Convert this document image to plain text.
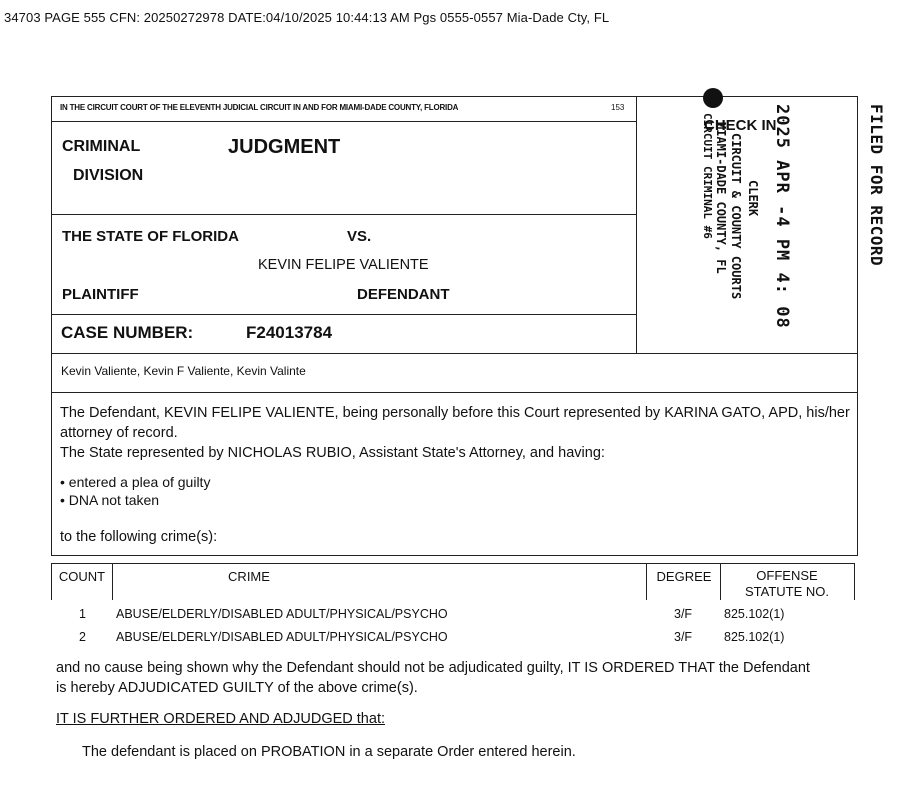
34703 PAGE 555 CFN: 20250272978 DATE:04/10/2025 10:44:13 AM Pgs 0555-0557 Mia-Dade Cty, FL
IN THE CIRCUIT COURT OF THE ELEVENTH JUDICIAL CIRCUIT IN AND FOR MIAMI-DADE COUNTY, FLORIDA	153
CRIMINAL
DIVISION
JUDGMENT
THE STATE OF FLORIDA	VS.
KEVIN FELIPE VALIENTE
PLAINTIFF	DEFENDANT
CASE NUMBER:	F24013784
Kevin Valiente, Kevin F Valiente, Kevin Valinte
The Defendant, KEVIN FELIPE VALIENTE, being personally before this Court represented by KARINA GATO, APD, his/her attorney of record.
The State represented by NICHOLAS RUBIO, Assistant State's Attorney, and having:
• entered a plea of guilty
• DNA not taken
to the following crime(s):
COUNT	CRIME	DEGREE	OFFENSE
STATUTE NO.
1 ABUSE/ELDERLY/DISABLED ADULT/PHYSICAL/PSYCHO	3/F	825.102(1)
2 ABUSE/ELDERLY/DISABLED ADULT/PHYSICAL/PSYCHO	3/F	825.102(1)
and no cause being shown why the Defendant should not be adjudicated guilty, IT IS ORDERED THAT the Defendant is hereby ADJUDICATED GUILTY of the above crime(s).
IT IS FURTHER ORDERED AND ADJUDGED that:
The defendant is placed on PROBATION in a separate Order entered herein.
CHECK IN
2025 APR -4 PM 4: 08	FILED FOR RECORD
CLERK
CIRCUIT & COUNTY COURTS
MIAMI-DADE COUNTY, FL
CIRCUIT CRIMINAL #6
